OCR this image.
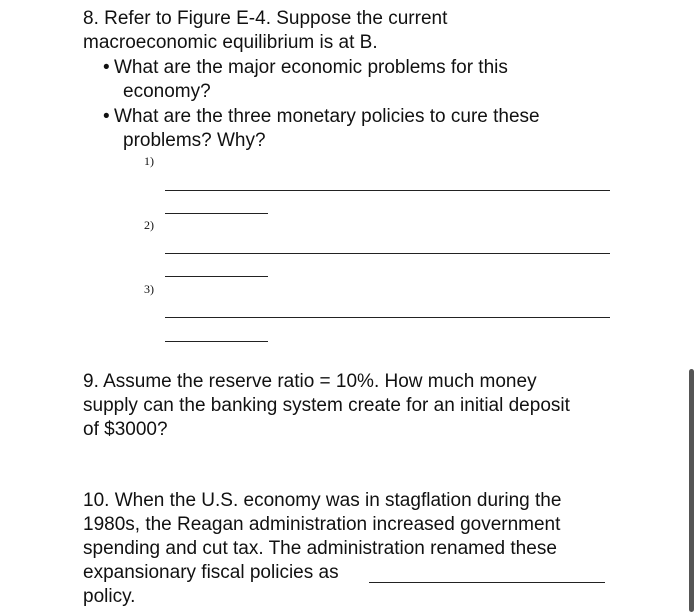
8. Refer to Figure E-4. Suppose the current

macroeconomic equilibrium is at B.

• What are the major economic problems for this

economy?

• What are the three monetary policies to cure these

problems? Why?

1)
2)
3)

9. Assume the reserve ratio = 10%. How much money

supply can the banking system create for an initial deposit

of $3000?

10. When the U.S. economy was in stagflation during the

1980s, the Reagan administration increased government

spending and cut tax. The administration renamed these

expansionary fiscal policies as

policy.
